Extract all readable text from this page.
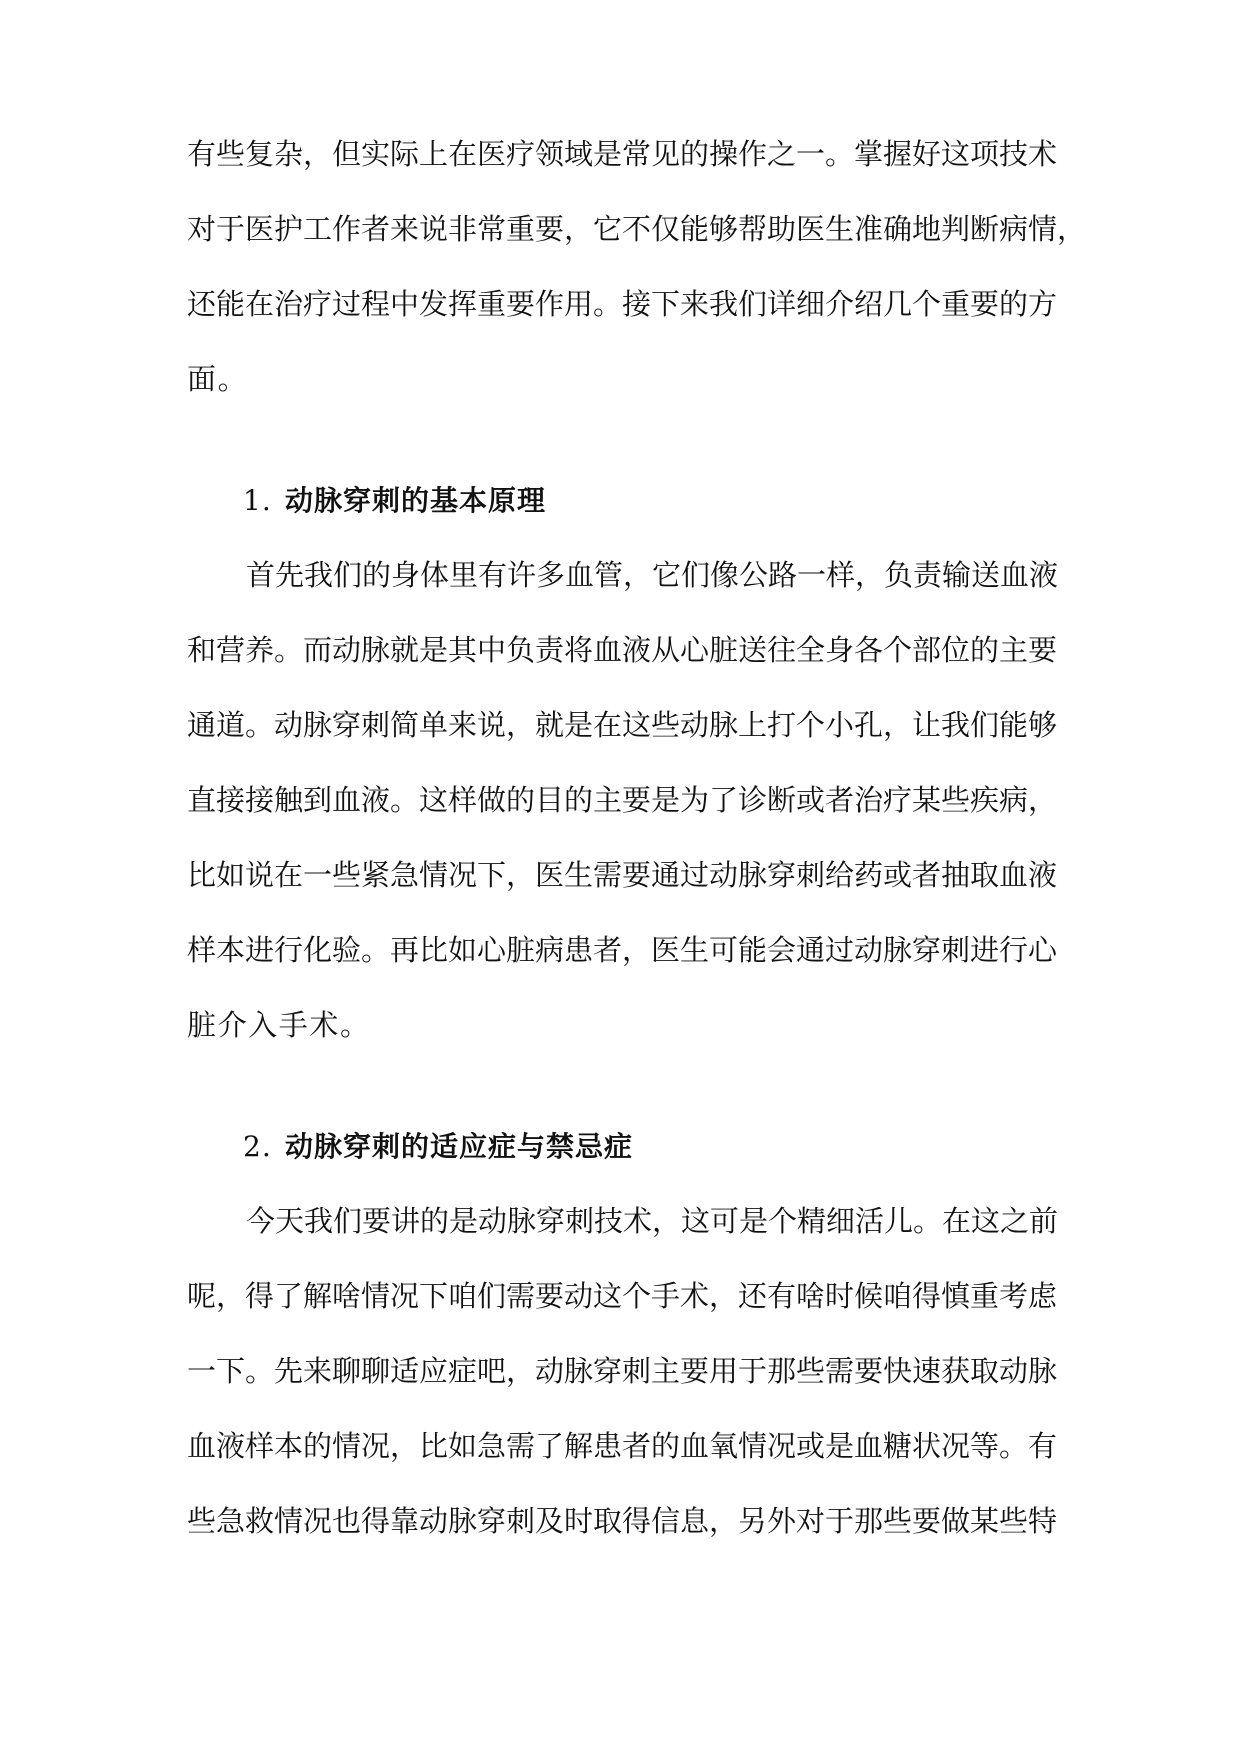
有些复杂，但实际上在医疗领域是常见的操作之一。掌握好这项技术
对于医护工作者来说非常重要，它不仅能够帮助医生准确地判断病情，
还能在治疗过程中发挥重要作用。接下来我们详细介绍几个重要的方
面。
1. 动脉穿刺的基本原理
首先我们的身体里有许多血管，它们像公路一样，负责输送血液
和营养。而动脉就是其中负责将血液从心脏送往全身各个部位的主要
通道。动脉穿刺简单来说，就是在这些动脉上打个小孔，让我们能够
直接接触到血液。这样做的目的主要是为了诊断或者治疗某些疾病，
比如说在一些紧急情况下，医生需要通过动脉穿刺给药或者抽取血液
样本进行化验。再比如心脏病患者，医生可能会通过动脉穿刺进行心
脏介入手术。
2. 动脉穿刺的适应症与禁忌症
今天我们要讲的是动脉穿刺技术，这可是个精细活儿。在这之前
呢，得了解啥情况下咱们需要动这个手术，还有啥时候咱得慎重考虑
一下。先来聊聊适应症吧，动脉穿刺主要用于那些需要快速获取动脉
血液样本的情况，比如急需了解患者的血氧情况或是血糖状况等。有
些急救情况也得靠动脉穿刺及时取得信息，另外对于那些要做某些特
